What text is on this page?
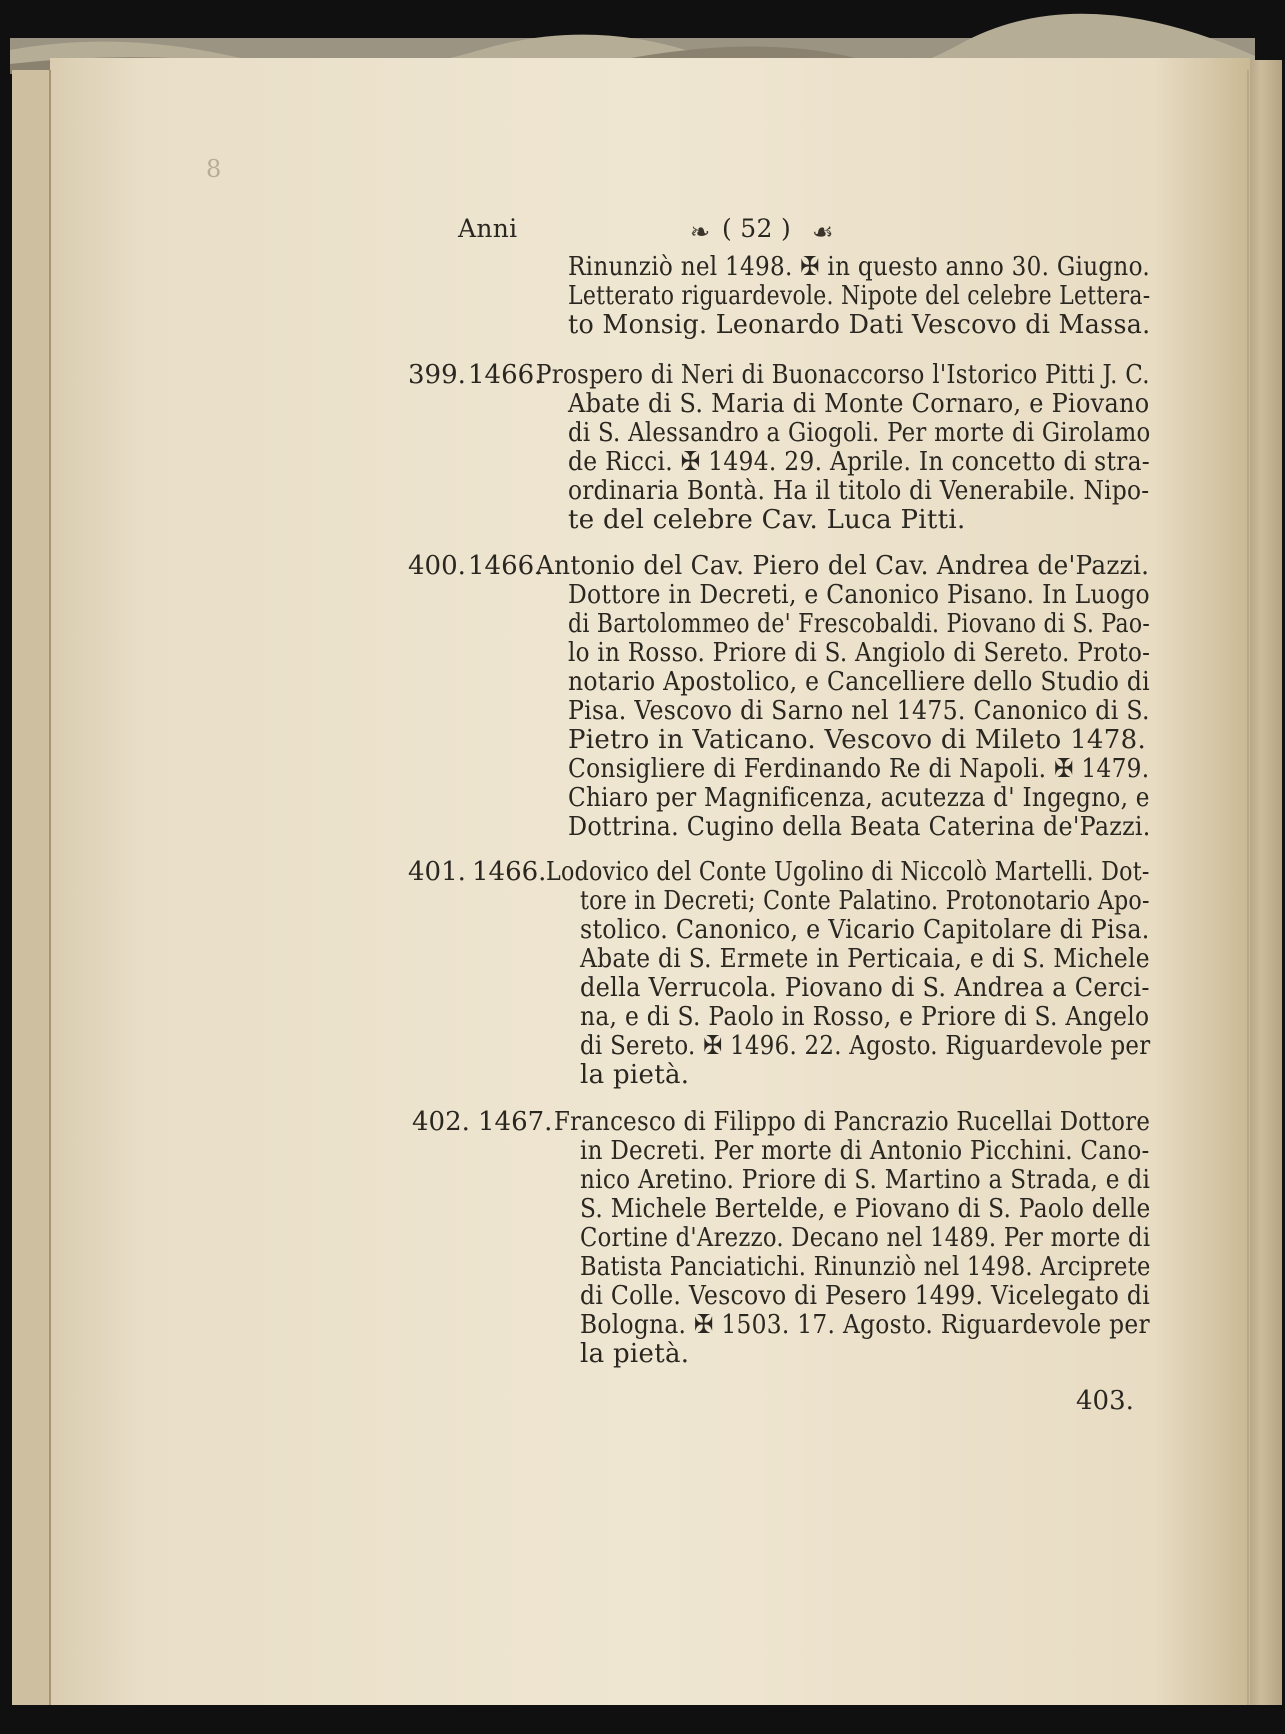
8
Anni	❧ ( 52 ) ☙

Rinunziò nel 1498. ✠ in questo anno 30. Giugno.

Letterato riguardevole. Nipote del celebre Lettera-

to Monsig. Leonardo Dati Vescovo di Massa.

399. 1466.

Prospero di Neri di Buonaccorso l'Istorico Pitti J. C.

Abate di S. Maria di Monte Cornaro, e Piovano

di S. Alessandro a Giogoli. Per morte di Girolamo

de Ricci. ✠ 1494. 29. Aprile. In concetto di stra-

ordinaria Bontà. Ha il titolo di Venerabile. Nipo-

te del celebre Cav. Luca Pitti.

400. 1466.

Antonio del Cav. Piero del Cav. Andrea de'Pazzi.

Dottore in Decreti, e Canonico Pisano. In Luogo

di Bartolommeo de' Frescobaldi. Piovano di S. Pao-

lo in Rosso. Priore di S. Angiolo di Sereto. Proto-

notario Apostolico, e Cancelliere dello Studio di

Pisa. Vescovo di Sarno nel 1475. Canonico di S.

Pietro in Vaticano. Vescovo di Mileto 1478.

Consigliere di Ferdinando Re di Napoli. ✠ 1479.

Chiaro per Magnificenza, acutezza d' Ingegno, e

Dottrina. Cugino della Beata Caterina de'Pazzi.

401. 1466. Lodovico del Conte Ugolino di Niccolò Martelli. Dot-

tore in Decreti; Conte Palatino. Protonotario Apo-

stolico. Canonico, e Vicario Capitolare di Pisa.

Abate di S. Ermete in Perticaia, e di S. Michele

della Verrucola. Piovano di S. Andrea a Cerci-

na, e di S. Paolo in Rosso, e Priore di S. Angelo

di Sereto. ✠ 1496. 22. Agosto. Riguardevole per

la pietà.

402. 1467. Francesco di Filippo di Pancrazio Rucellai Dottore

in Decreti. Per morte di Antonio Picchini. Cano-

nico Aretino. Priore di S. Martino a Strada, e di

S. Michele Bertelde, e Piovano di S. Paolo delle

Cortine d'Arezzo. Decano nel 1489. Per morte di

Batista Panciatichi. Rinunziò nel 1498. Arciprete

di Colle. Vescovo di Pesero 1499. Vicelegato di

Bologna. ✠ 1503. 17. Agosto. Riguardevole per

la pietà.

403.
